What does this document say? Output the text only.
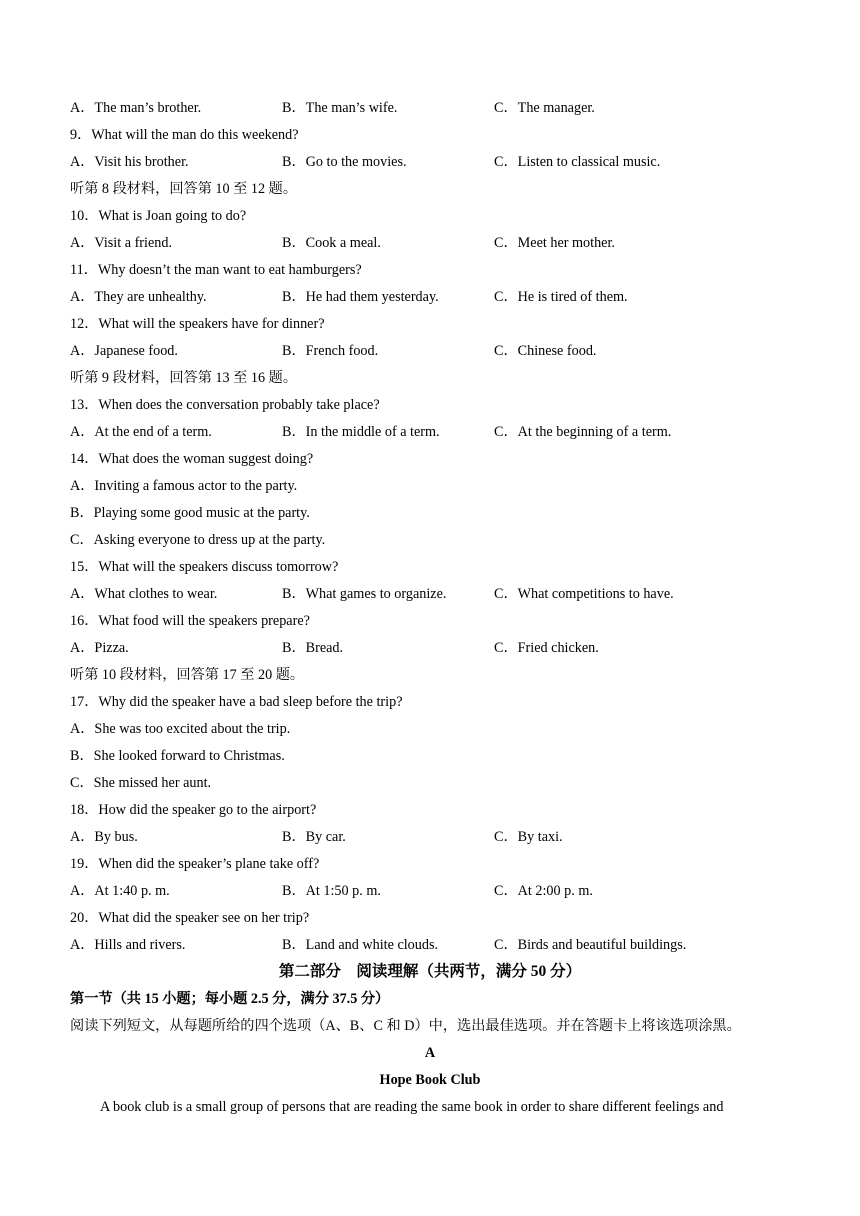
A．The man’s brother.	B．The man’s wife.	C．The manager.
9．What will the man do this weekend?
A．Visit his brother.	B．Go to the movies.	C．Listen to classical music.
听第 8 段材料，回答第 10 至 12 题。
10．What is Joan going to do?
A．Visit a friend.	B．Cook a meal.	C．Meet her mother.
11．Why doesn’t the man want to eat hamburgers?
A．They are unhealthy.	B．He had them yesterday.	C．He is tired of them.
12．What will the speakers have for dinner?
A．Japanese food.	B．French food.	C．Chinese food.
听第 9 段材料，回答第 13 至 16 题。
13．When does the conversation probably take place?
A．At the end of a term.	B．In the middle of a term.	C．At the beginning of a term.
14．What does the woman suggest doing?
A．Inviting a famous actor to the party.
B．Playing some good music at the party.
C．Asking everyone to dress up at the party.
15．What will the speakers discuss tomorrow?
A．What clothes to wear.	B．What games to organize.	C．What competitions to have.
16．What food will the speakers prepare?
A．Pizza.	B．Bread.	C．Fried chicken.
听第 10 段材料，回答第 17 至 20 题。
17．Why did the speaker have a bad sleep before the trip?
A．She was too excited about the trip.
B．She looked forward to Christmas.
C．She missed her aunt.
18．How did the speaker go to the airport?
A．By bus.	B．By car.	C．By taxi.
19．When did the speaker’s plane take off?
A．At 1:40 p. m.	B．At 1:50 p. m.	C．At 2:00 p. m.
20．What did the speaker see on her trip?
A．Hills and rivers.	B．Land and white clouds.	C．Birds and beautiful buildings.
第二部分　阅读理解（共两节，满分 50 分）
第一节（共 15 小题；每小题 2.5 分，满分 37.5 分）
阅读下列短文，从每题所给的四个选项（A、B、C 和 D）中，选出最佳选项。并在答题卡上将该选项涂黑。
A
Hope Book Club
A book club is a small group of persons that are reading the same book in order to share different feelings and
